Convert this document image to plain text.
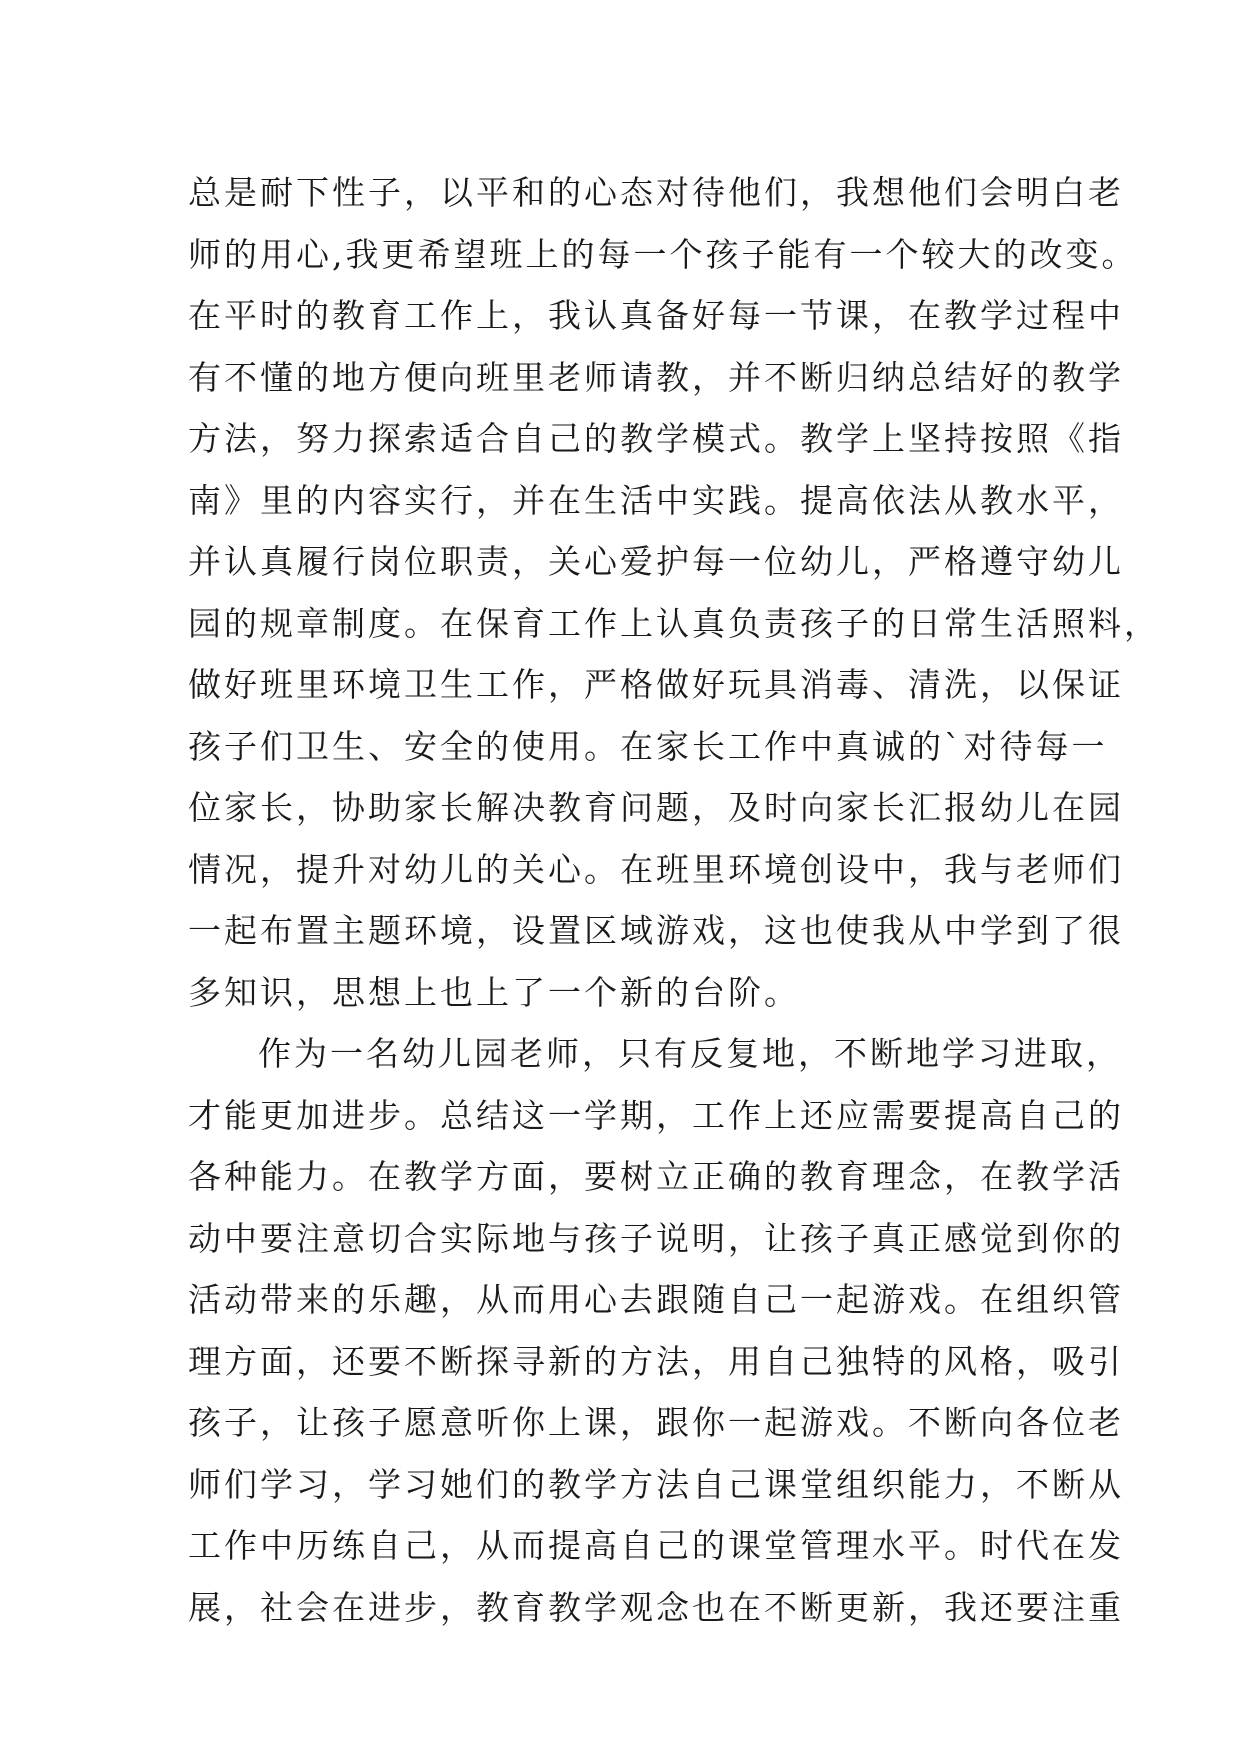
总是耐下性子，以平和的心态对待他们，我想他们会明白老
师的用心,我更希望班上的每一个孩子能有一个较大的改变。
在平时的教育工作上，我认真备好每一节课，在教学过程中
有不懂的地方便向班里老师请教，并不断归纳总结好的教学
方法，努力探索适合自己的教学模式。教学上坚持按照《指
南》里的内容实行，并在生活中实践。提高依法从教水平，
并认真履行岗位职责，关心爱护每一位幼儿，严格遵守幼儿
园的规章制度。在保育工作上认真负责孩子的日常生活照料，
做好班里环境卫生工作，严格做好玩具消毒、清洗，以保证
孩子们卫生、安全的使用。在家长工作中真诚的`对待每一
位家长，协助家长解决教育问题，及时向家长汇报幼儿在园
情况，提升对幼儿的关心。在班里环境创设中，我与老师们
一起布置主题环境，设置区域游戏，这也使我从中学到了很
多知识，思想上也上了一个新的台阶。
作为一名幼儿园老师，只有反复地，不断地学习进取，
才能更加进步。总结这一学期，工作上还应需要提高自己的
各种能力。在教学方面，要树立正确的教育理念，在教学活
动中要注意切合实际地与孩子说明，让孩子真正感觉到你的
活动带来的乐趣，从而用心去跟随自己一起游戏。在组织管
理方面，还要不断探寻新的方法，用自己独特的风格，吸引
孩子，让孩子愿意听你上课，跟你一起游戏。不断向各位老
师们学习，学习她们的教学方法自己课堂组织能力，不断从
工作中历练自己，从而提高自己的课堂管理水平。时代在发
展，社会在进步，教育教学观念也在不断更新，我还要注重
